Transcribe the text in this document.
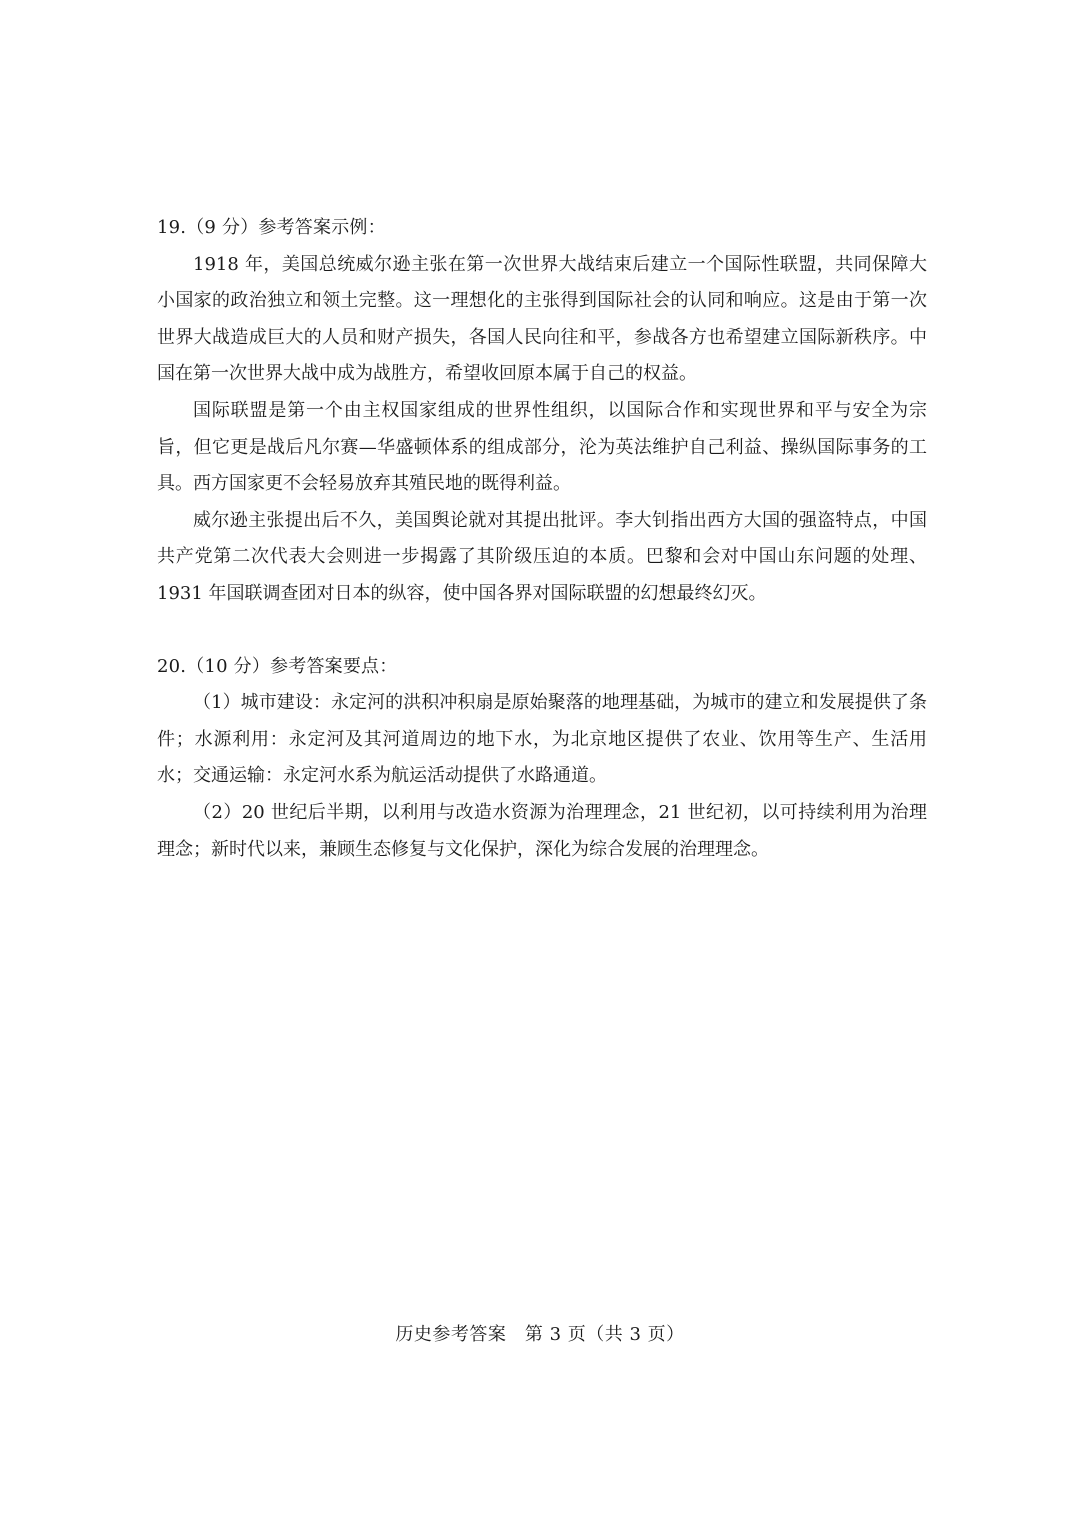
19.（9 分）参考答案示例：

1918 年，美国总统威尔逊主张在第一次世界大战结束后建立一个国际性联盟，共同保障大小国家的政治独立和领土完整。这一理想化的主张得到国际社会的认同和响应。这是由于第一次世界大战造成巨大的人员和财产损失，各国人民向往和平，参战各方也希望建立国际新秩序。中国在第一次世界大战中成为战胜方，希望收回原本属于自己的权益。

国际联盟是第一个由主权国家组成的世界性组织，以国际合作和实现世界和平与安全为宗旨，但它更是战后凡尔赛—华盛顿体系的组成部分，沦为英法维护自己利益、操纵国际事务的工具。西方国家更不会轻易放弃其殖民地的既得利益。

威尔逊主张提出后不久，美国舆论就对其提出批评。李大钊指出西方大国的强盗特点，中国共产党第二次代表大会则进一步揭露了其阶级压迫的本质。巴黎和会对中国山东问题的处理、1931 年国联调查团对日本的纵容，使中国各界对国际联盟的幻想最终幻灭。

20.（10 分）参考答案要点：

（1）城市建设：永定河的洪积冲积扇是原始聚落的地理基础，为城市的建立和发展提供了条件；水源利用：永定河及其河道周边的地下水，为北京地区提供了农业、饮用等生产、生活用水；交通运输：永定河水系为航运活动提供了水路通道。

（2）20 世纪后半期，以利用与改造水资源为治理理念，21 世纪初，以可持续利用为治理理念；新时代以来，兼顾生态修复与文化保护，深化为综合发展的治理理念。

历史参考答案　第 3 页（共 3 页）
